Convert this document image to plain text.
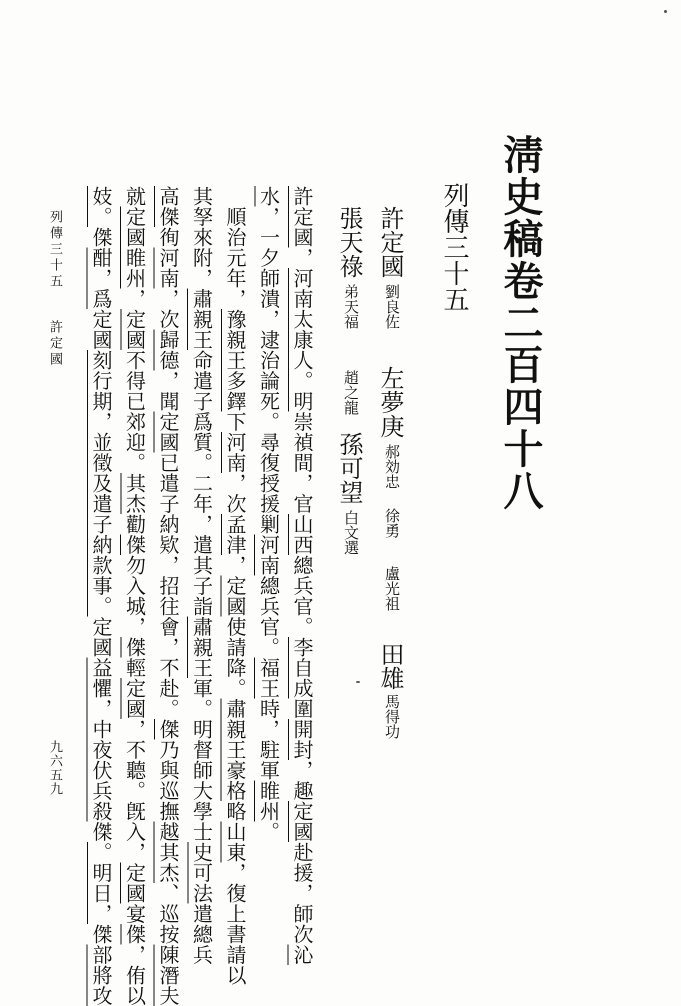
淸史稿卷二百四十八
列傳三十五
許定國
劉良佐
左夢庚
郝効忠
徐勇
盧光祖
田雄
馬得功
張天祿
弟天福
趙之龍
孫可望
白文選
許定國，河南太康人。明崇禎間，官山西總兵官。李自成圍開封，趣定國赴援，師次沁
水，一夕師潰，逮治論死。尋復授援剿河南總兵官。福王時，駐軍睢州。
　順治元年，豫親王多鐸下河南，次孟津，定國使請降。肅親王豪格略山東，復上書請以
其孥來附，肅親王命遣子爲質。二年，遣其子詣肅親王軍。明督師大學士史可法遣總兵
高傑徇河南，次歸德，聞定國已遣子納欵，招往會，不赴。傑乃與巡撫越其杰、巡按陳潛夫
就定國睢州，定國不得已郊迎。其杰勸傑勿入城，傑輕定國，不聽。旣入，定國宴傑，侑以
妓。傑酣，爲定國刻行期，並徵及遣子納款事。定國益懼，中夜伏兵殺傑。明日，傑部將攻
列傳三十五許定國
九六五九
